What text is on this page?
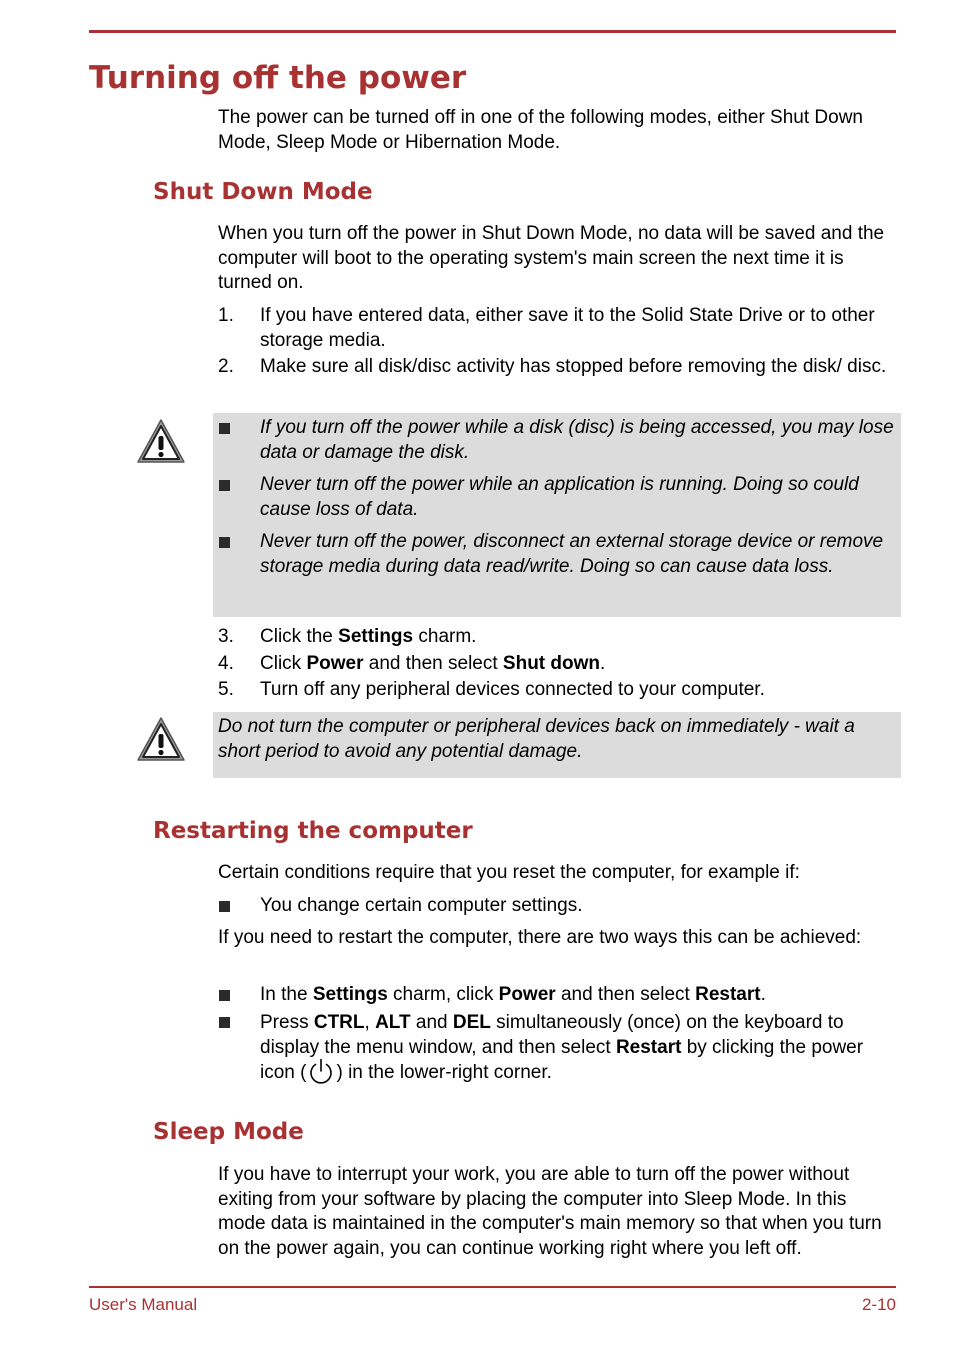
Turning off the power

The power can be turned off in one of the following modes, either Shut Down Mode, Sleep Mode or Hibernation Mode.

Shut Down Mode

When you turn off the power in Shut Down Mode, no data will be saved and the computer will boot to the operating system's main screen the next time it is turned on.

1. If you have entered data, either save it to the Solid State Drive or to other storage media.
2. Make sure all disk/disc activity has stopped before removing the disk/ disc.
If you turn off the power while a disk (disc) is being accessed, you may lose data or damage the disk.
Never turn off the power while an application is running. Doing so could cause loss of data.
Never turn off the power, disconnect an external storage device or remove storage media during data read/write. Doing so can cause data loss.
3. Click the Settings charm.
4. Click Power and then select Shut down.
5. Turn off any peripheral devices connected to your computer.
Do not turn the computer or peripheral devices back on immediately - wait a short period to avoid any potential damage.
Restarting the computer

Certain conditions require that you reset the computer, for example if:

You change certain computer settings.

If you need to restart the computer, there are two ways this can be achieved:

In the Settings charm, click Power and then select Restart.
Press CTRL, ALT and DEL simultaneously (once) on the keyboard to display the menu window, and then select Restart by clicking the power icon ( ) in the lower-right corner.
Sleep Mode

If you have to interrupt your work, you are able to turn off the power without exiting from your software by placing the computer into Sleep Mode. In this mode data is maintained in the computer's main memory so that when you turn on the power again, you can continue working right where you left off.

User's Manual	2-10
